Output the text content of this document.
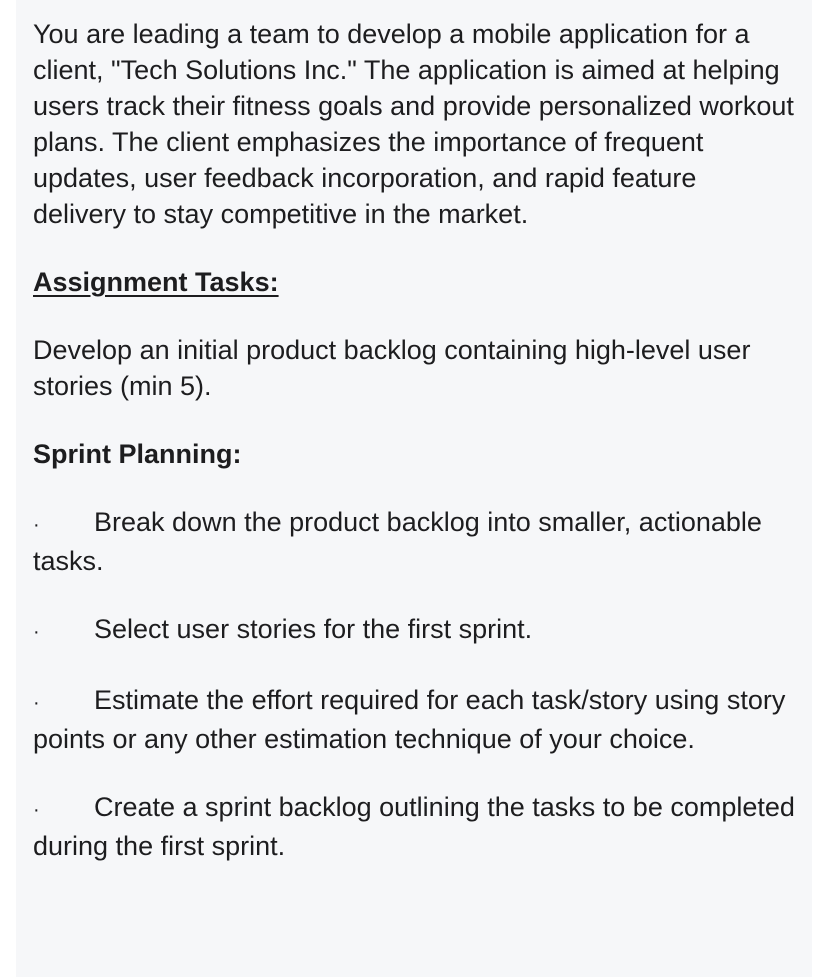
You are leading a team to develop a mobile application for a client, "Tech Solutions Inc." The application is aimed at helping users track their fitness goals and provide personalized workout plans. The client emphasizes the importance of frequent updates, user feedback incorporation, and rapid feature delivery to stay competitive in the market.

Assignment Tasks:

Develop an initial product backlog containing high-level user stories (min 5).

Sprint Planning:

· Break down the product backlog into smaller, actionable tasks.

· Select user stories for the first sprint.

· Estimate the effort required for each task/story using story points or any other estimation technique of your choice.

· Create a sprint backlog outlining the tasks to be completed during the first sprint.
